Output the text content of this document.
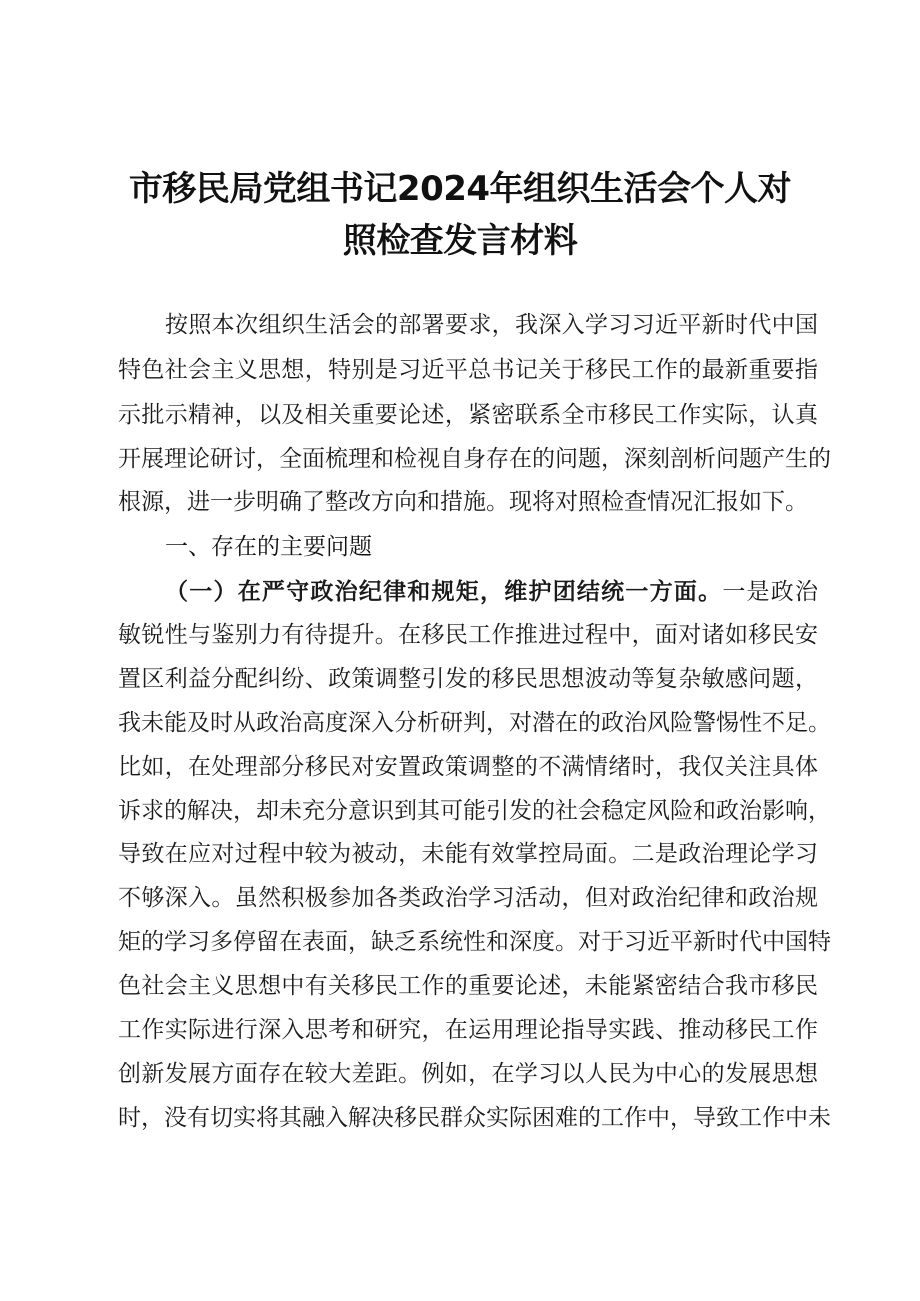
市移民局党组书记2024年组织生活会个人对
照检查发言材料
按照本次组织生活会的部署要求，我深入学习习近平新时代中国
特色社会主义思想，特别是习近平总书记关于移民工作的最新重要指
示批示精神，以及相关重要论述，紧密联系全市移民工作实际，认真
开展理论研讨，全面梳理和检视自身存在的问题，深刻剖析问题产生的
根源，进一步明确了整改方向和措施。现将对照检查情况汇报如下。
一、存在的主要问题
（一）在严守政治纪律和规矩，维护团结统一方面。一是政治
敏锐性与鉴别力有待提升。在移民工作推进过程中，面对诸如移民安
置区利益分配纠纷、政策调整引发的移民思想波动等复杂敏感问题，
我未能及时从政治高度深入分析研判，对潜在的政治风险警惕性不足。
比如，在处理部分移民对安置政策调整的不满情绪时，我仅关注具体
诉求的解决，却未充分意识到其可能引发的社会稳定风险和政治影响，
导致在应对过程中较为被动，未能有效掌控局面。二是政治理论学习
不够深入。虽然积极参加各类政治学习活动，但对政治纪律和政治规
矩的学习多停留在表面，缺乏系统性和深度。对于习近平新时代中国特
色社会主义思想中有关移民工作的重要论述，未能紧密结合我市移民
工作实际进行深入思考和研究，在运用理论指导实践、推动移民工作
创新发展方面存在较大差距。例如，在学习以人民为中心的发展思想
时，没有切实将其融入解决移民群众实际困难的工作中，导致工作中未
